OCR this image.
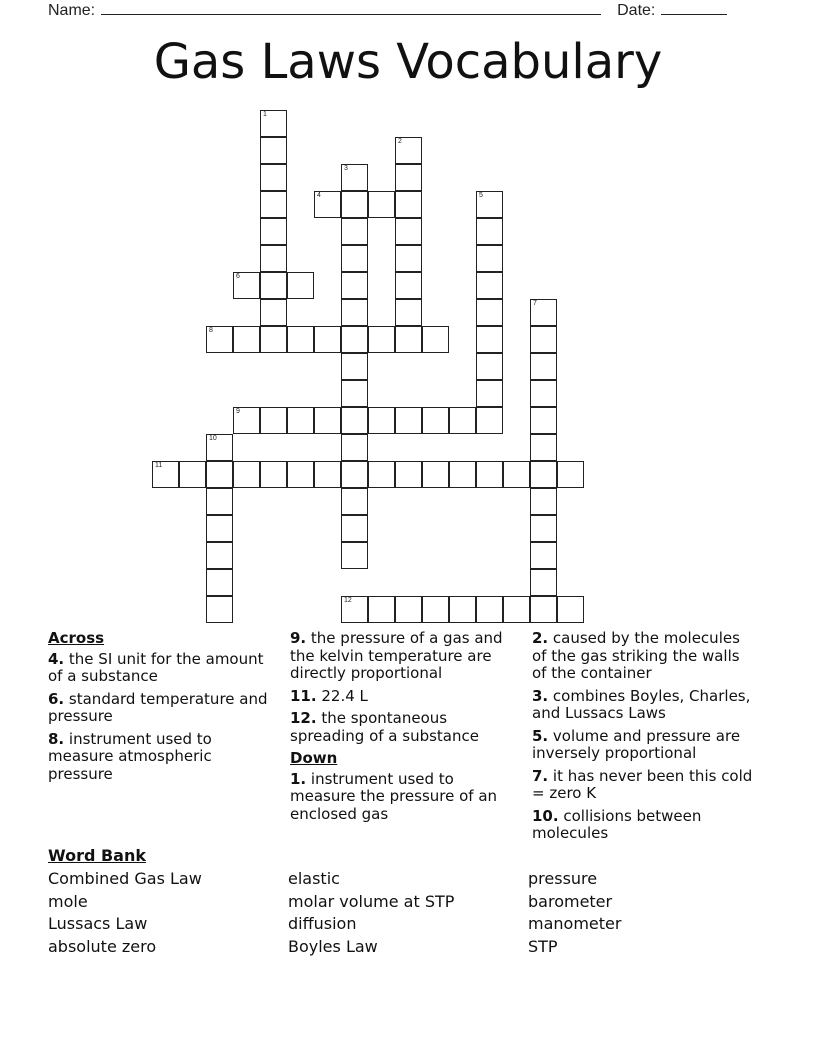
Name:	Date:
Gas Laws Vocabulary
1
2
3
4	5
6
7
8
9
10
11
12
Across
4. the SI unit for the amount of a substance
6. standard temperature and pressure
8. instrument used to measure atmospheric pressure
9. the pressure of a gas and the kelvin temperature are directly proportional
11. 22.4 L
12. the spontaneous spreading of a substance
Down
1. instrument used to measure the pressure of an enclosed gas
2. caused by the molecules of the gas striking the walls of the container
3. combines Boyles, Charles, and Lussacs Laws
5. volume and pressure are inversely proportional
7. it has never been this cold = zero K
10. collisions between molecules
Word Bank
Combined Gas Law
mole
Lussacs Law
absolute zero
elastic
molar volume at STP
diffusion
Boyles Law
pressure
barometer
manometer
STP
